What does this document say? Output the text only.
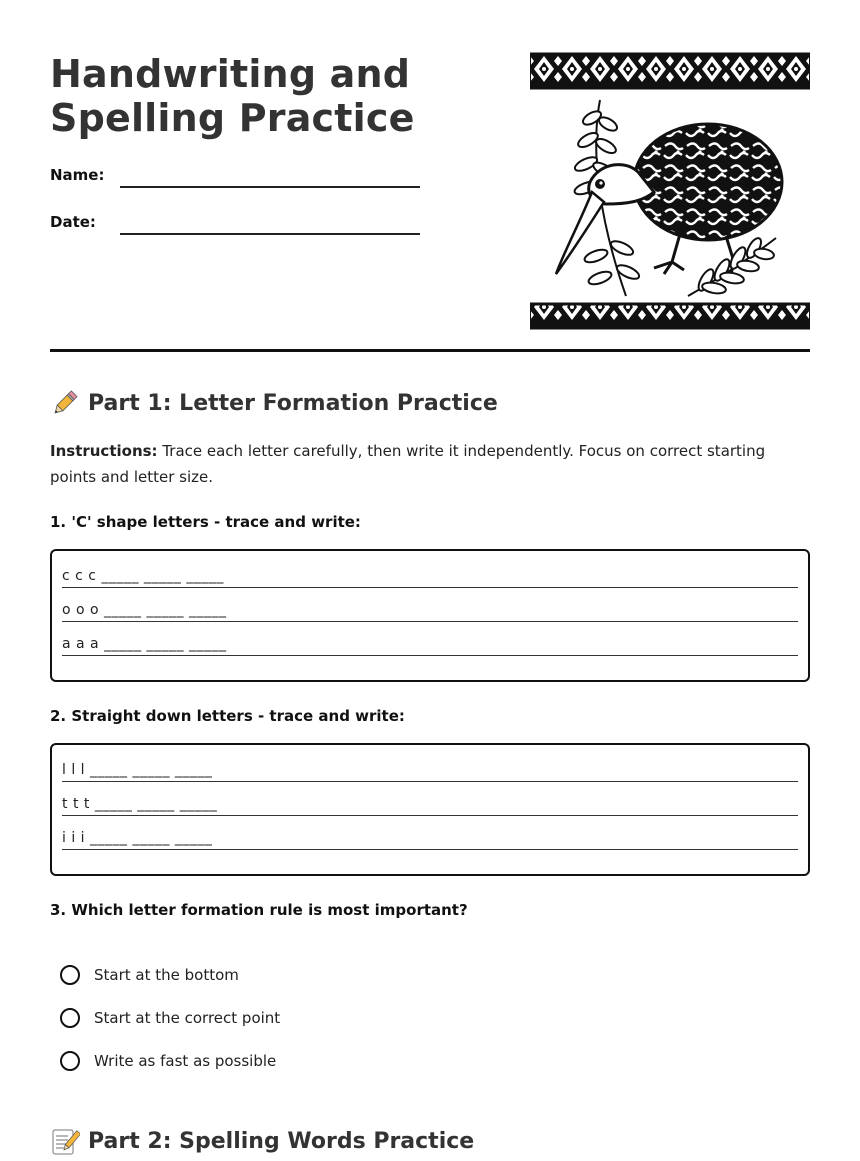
Handwriting and
Spelling Practice
Name:
Date:
Part 1: Letter Formation Practice

Instructions: Trace each letter carefully, then write it independently. Focus on correct starting points and letter size.

1. 'C' shape letters - trace and write:

c c c _____ _____ _____
o o o _____ _____ _____
a a a _____ _____ _____

2. Straight down letters - trace and write:

l l l _____ _____ _____
t t t _____ _____ _____
i i i _____ _____ _____

3. Which letter formation rule is most important?

Start at the bottom
Start at the correct point
Write as fast as possible
Part 2: Spelling Words Practice
